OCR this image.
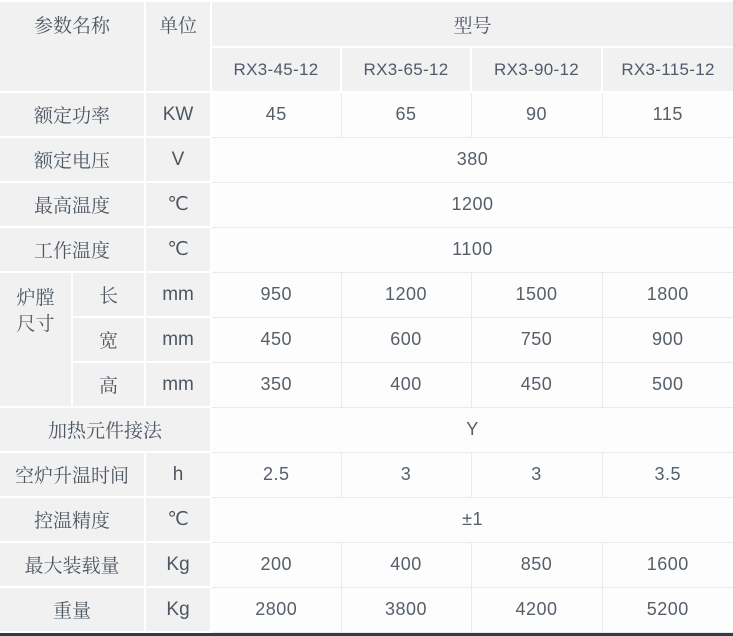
参数名称		单位	型号			
			RX3-45-12	RX3-65-12	RX3-90-12	RX3-115-12
额定功率		KW	45	65	90	115
额定电压		V	380			
最高温度		℃	1200			
工作温度		℃	1100			

炉膛
尺寸	长	mm	950	1200	1500	1800
	宽	mm	450	600	750	900
	高	mm	350	400	450	500
加热元件接法			Y			
空炉升温时间		h	2.5	3	3	3.5
控温精度		℃	±1			
最大装载量		Kg	200	400	850	1600
重量		Kg	2800	3800	4200	5200
